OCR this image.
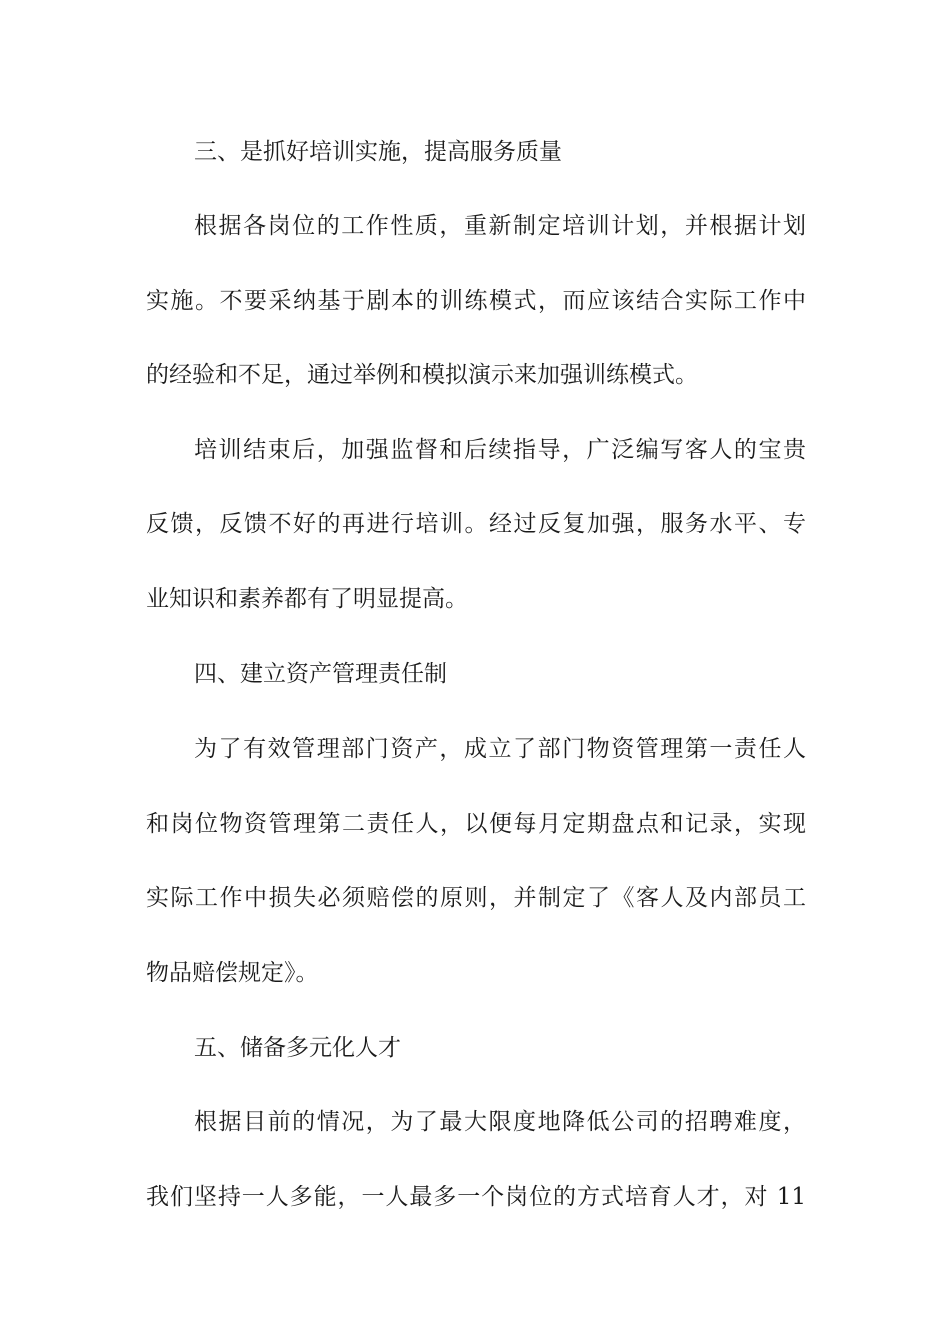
三、是抓好培训实施，提高服务质量
根据各岗位的工作性质，重新制定培训计划，并根据计划
实施。不要采纳基于剧本的训练模式，而应该结合实际工作中
的经验和不足，通过举例和模拟演示来加强训练模式。
培训结束后，加强监督和后续指导，广泛编写客人的宝贵
反馈，反馈不好的再进行培训。经过反复加强，服务水平、专
业知识和素养都有了明显提高。
四、建立资产管理责任制
为了有效管理部门资产，成立了部门物资管理第一责任人
和岗位物资管理第二责任人，以便每月定期盘点和记录，实现
实际工作中损失必须赔偿的原则，并制定了《客人及内部员工
物品赔偿规定》。
五、储备多元化人才
根据目前的情况，为了最大限度地降低公司的招聘难度，
我们坚持一人多能，一人最多一个岗位的方式培育人才，对 11
